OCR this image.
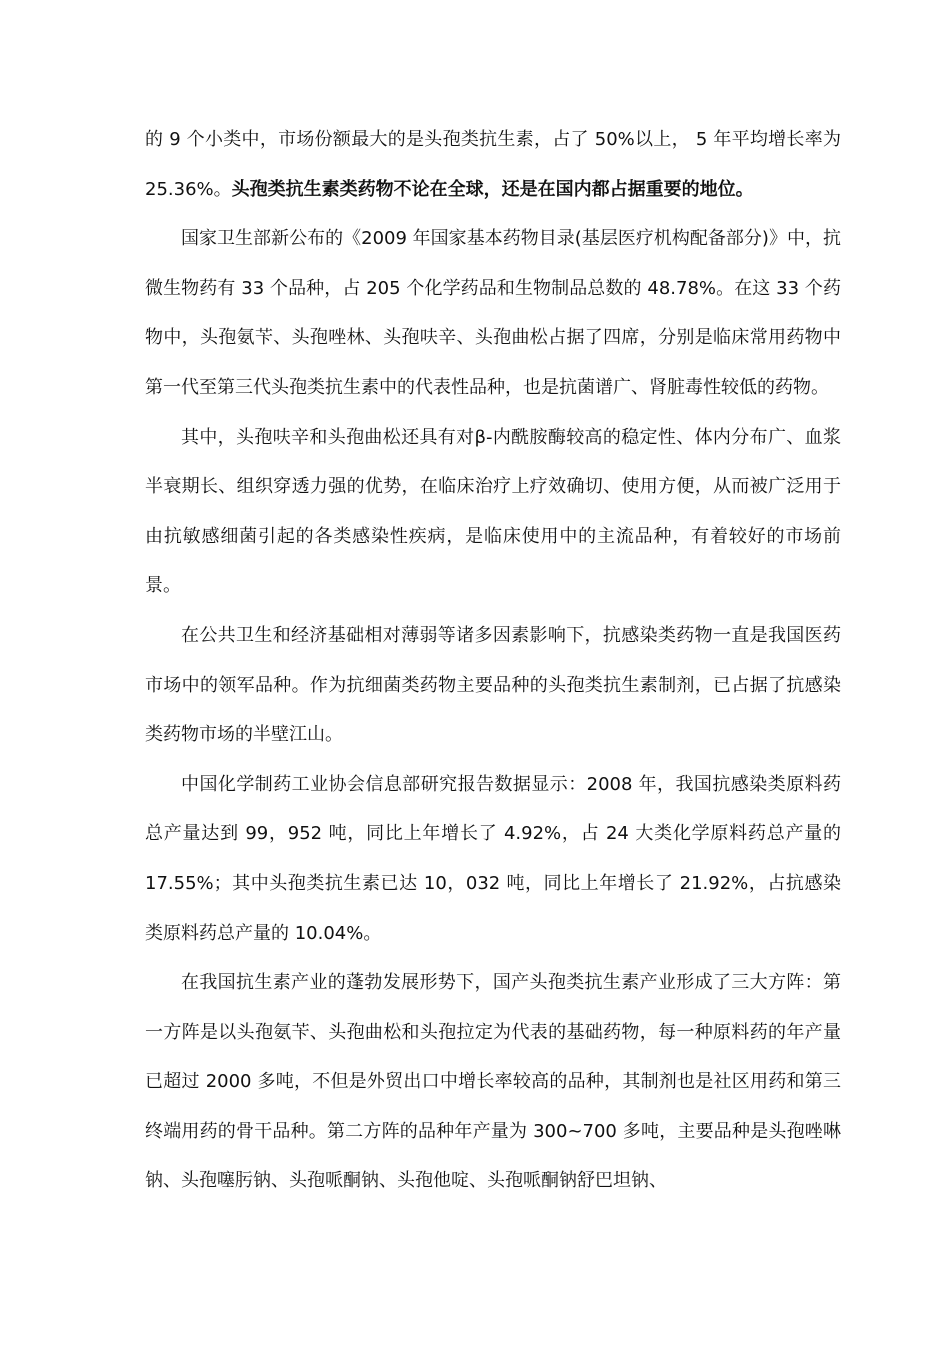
的 9 个小类中，市场份额最大的是头孢类抗生素，占了 50%以上， 5 年平均增长率为 25.36%。头孢类抗生素类药物不论在全球，还是在国内都占据重要的地位。

国家卫生部新公布的《2009 年国家基本药物目录(基层医疗机构配备部分)》中，抗微生物药有 33 个品种，占 205 个化学药品和生物制品总数的 48.78%。在这 33 个药物中，头孢氨苄、头孢唑林、头孢呋辛、头孢曲松占据了四席，分别是临床常用药物中第一代至第三代头孢类抗生素中的代表性品种，也是抗菌谱广、肾脏毒性较低的药物。

其中，头孢呋辛和头孢曲松还具有对β-内酰胺酶较高的稳定性、体内分布广、血浆半衰期长、组织穿透力强的优势，在临床治疗上疗效确切、使用方便，从而被广泛用于由抗敏感细菌引起的各类感染性疾病，是临床使用中的主流品种，有着较好的市场前景。

在公共卫生和经济基础相对薄弱等诸多因素影响下，抗感染类药物一直是我国医药市场中的领军品种。作为抗细菌类药物主要品种的头孢类抗生素制剂，已占据了抗感染类药物市场的半壁江山。

中国化学制药工业协会信息部研究报告数据显示：2008 年，我国抗感染类原料药总产量达到 99，952 吨，同比上年增长了 4.92%，占 24 大类化学原料药总产量的 17.55%；其中头孢类抗生素已达 10，032 吨，同比上年增长了 21.92%，占抗感染类原料药总产量的 10.04%。

在我国抗生素产业的蓬勃发展形势下，国产头孢类抗生素产业形成了三大方阵：第一方阵是以头孢氨苄、头孢曲松和头孢拉定为代表的基础药物，每一种原料药的年产量已超过 2000 多吨，不但是外贸出口中增长率较高的品种，其制剂也是社区用药和第三终端用药的骨干品种。第二方阵的品种年产量为 300~700 多吨，主要品种是头孢唑啉钠、头孢噻肟钠、头孢哌酮钠、头孢他啶、头孢哌酮钠舒巴坦钠、
